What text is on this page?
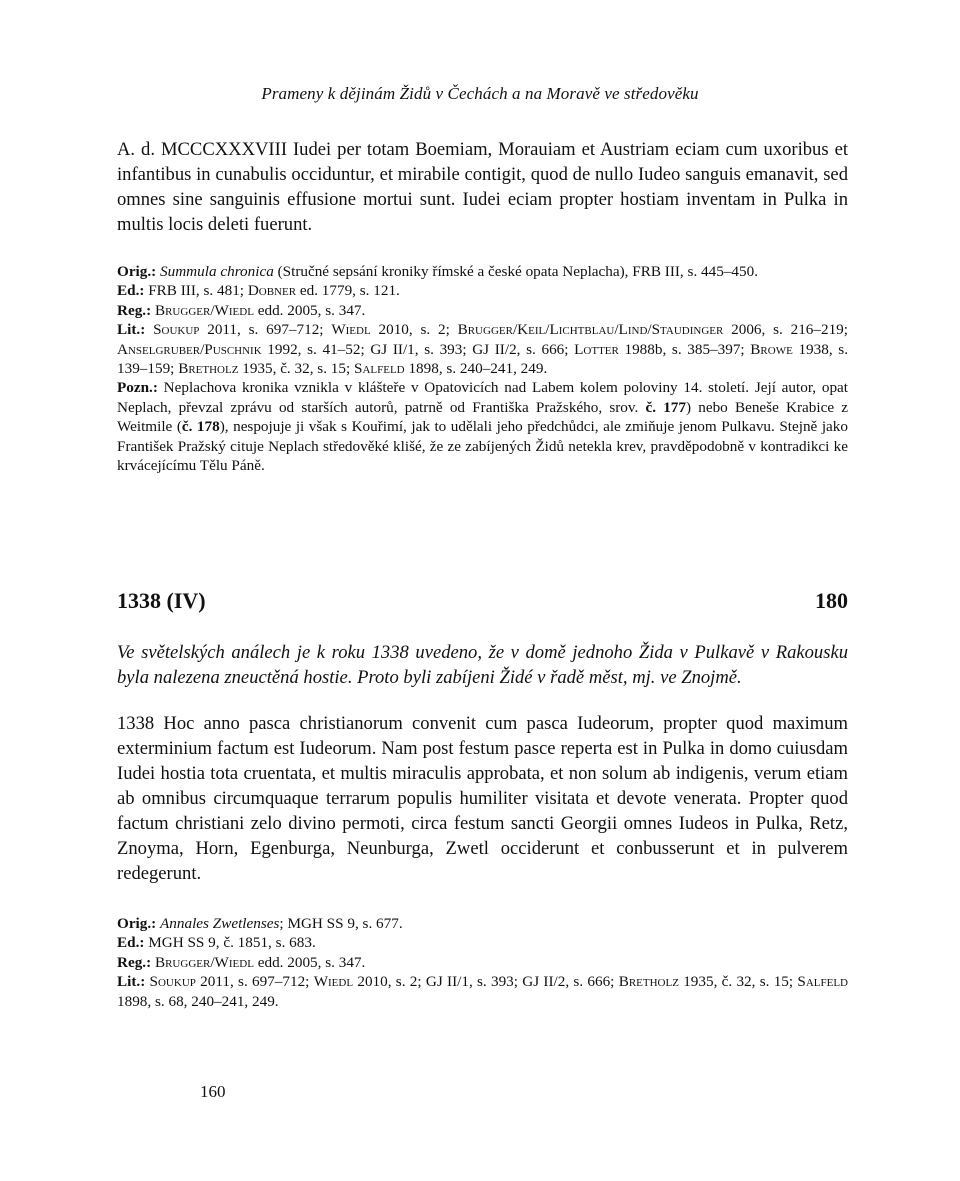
Prameny k dějinám Židů v Čechách a na Moravě ve středověku

A. d. MCCCXXXVIII Iudei per totam Boemiam, Morauiam et Austriam eciam cum uxoribus et infantibus in cunabulis occiduntur, et mirabile contigit, quod de nullo Iudeo sanguis emanavit, sed omnes sine sanguinis effusione mortui sunt. Iudei eciam propter hostiam inventam in Pulka in multis locis deleti fuerunt.

Orig.: Summula chronica (Stručné sepsání kroniky římské a české opata Neplacha), FRB III, s. 445–450.

Ed.: FRB III, s. 481; Dobner ed. 1779, s. 121.

Reg.: Brugger/Wiedl edd. 2005, s. 347.

Lit.: Soukup 2011, s. 697–712; Wiedl 2010, s. 2; Brugger/Keil/Lichtblau/Lind/Staudinger 2006, s. 216–219; Anselgruber/Puschnik 1992, s. 41–52; GJ II/1, s. 393; GJ II/2, s. 666; Lotter 1988b, s. 385–397; Browe 1938, s. 139–159; Bretholz 1935, č. 32, s. 15; Salfeld 1898, s. 240–241, 249.

Pozn.: Neplachova kronika vznikla v klášteře v Opatovicích nad Labem kolem poloviny 14. století. Její autor, opat Neplach, převzal zprávu od starších autorů, patrně od Františka Pražského, srov. č. 177) nebo Beneše Krabice z Weitmile (č. 178), nespojuje ji však s Kouřimí, jak to udělali jeho předchůdci, ale zmiňuje jenom Pulkavu. Stejně jako František Pražský cituje Neplach středověké klišé, že ze zabíjených Židů netekla krev, pravděpodobně v kontradikci ke krvácejícímu Tělu Páně.

1338 (IV)	180
Ve světelských análech je k roku 1338 uvedeno, že v domě jednoho Žida v Pulkavě v Rakousku byla nalezena zneuctěná hostie. Proto byli zabíjeni Židé v řadě měst, mj. ve Znojmě.

1338 Hoc anno pasca christianorum convenit cum pasca Iudeorum, propter quod maximum exterminium factum est Iudeorum. Nam post festum pasce reperta est in Pulka in domo cuiusdam Iudei hostia tota cruentata, et multis miraculis approbata, et non solum ab indigenis, verum etiam ab omnibus circumquaque terrarum populis humiliter visitata et devote venerata. Propter quod factum christiani zelo divino permoti, circa festum sancti Georgii omnes Iudeos in Pulka, Retz, Znoyma, Horn, Egenburga, Neunburga, Zwetl occiderunt et conbusserunt et in pulverem redegerunt.

Orig.: Annales Zwetlenses; MGH SS 9, s. 677.

Ed.: MGH SS 9, č. 1851, s. 683.

Reg.: Brugger/Wiedl edd. 2005, s. 347.

Lit.: Soukup 2011, s. 697–712; Wiedl 2010, s. 2; GJ II/1, s. 393; GJ II/2, s. 666; Bretholz 1935, č. 32, s. 15; Salfeld 1898, s. 68, 240–241, 249.

160
